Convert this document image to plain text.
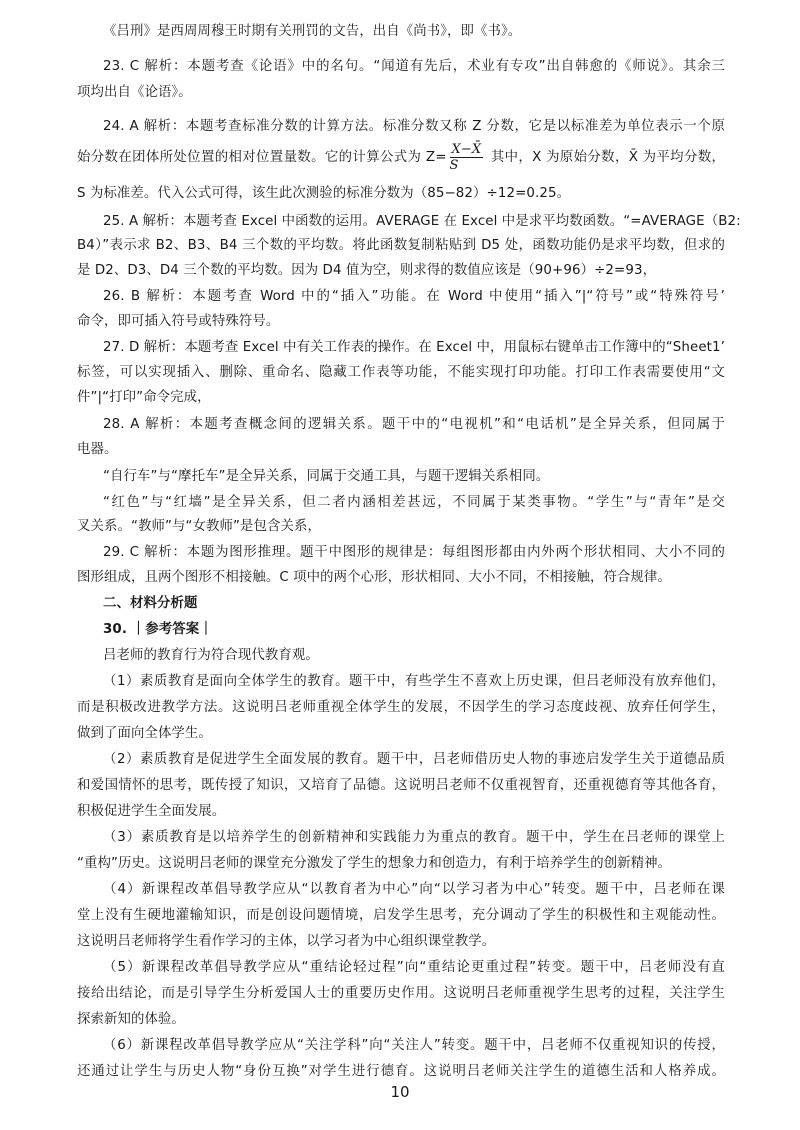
《吕刑》是西周周穆王时期有关刑罚的文告，出自《尚书》，即《书》。
23. C 解析：本题考查《论语》中的名句。“闻道有先后，术业有专攻”出自韩愈的《师说》。其余三
项均出自《论语》。
24. A 解析：本题考查标准分数的计算方法。标准分数又称 Z 分数，它是以标准差为单位表示一个原
始分数在团体所处位置的相对位置量数。它的计算公式为 $Z= \frac{X-X̄}{S}$ 其中，X 为原始分数，X̄ 为平均分数，
S 为标准差。代入公式可得，该生此次测验的标准分数为（85−82）÷12=0.25。
25. A 解析：本题考查 Excel 中函数的运用。AVERAGE 在 Excel 中是求平均数函数。“=AVERAGE（B2:
B4）”表示求 B2、B3、B4 三个数的平均数。将此函数复制粘贴到 D5 处，函数功能仍是求平均数，但求的
是 D2、D3、D4 三个数的平均数。因为 D4 值为空，则求得的数值应该是（90+96）÷2=93，
26. B 解析：本题考查 Word 中的“插入”功能。在 Word 中使用“插入”|“符号”或“特殊符号’
命令，即可插入符号或特殊符号。
27. D 解析：本题考查 Excel 中有关工作表的操作。在 Excel 中，用鼠标右键单击工作簿中的“Sheet1’
标签，可以实现插入、删除、重命名、隐藏工作表等功能，不能实现打印功能。打印工作表需要使用“文
件”|“打印”命令完成，
28. A 解析：本题考查概念间的逻辑关系。题干中的“电视机”和“电话机”是全异关系，但同属于
电器。
“自行车”与“摩托车”是全异关系，同属于交通工具，与题干逻辑关系相同。
“红色”与“红墙”是全异关系，但二者内涵相差甚远，不同属于某类事物。“学生”与“青年”是交
叉关系。“教师”与“女教师”是包含关系，
29. C 解析：本题为图形推理。题干中图形的规律是：每组图形都由内外两个形状相同、大小不同的
图形组成，且两个图形不相接触。C 项中的两个心形，形状相同、大小不同，不相接触，符合规律。
二、材料分析题
30. ｜参考答案｜
吕老师的教育行为符合现代教育观。
（1）素质教育是面向全体学生的教育。题干中，有些学生不喜欢上历史课，但吕老师没有放弃他们，
而是积极改进教学方法。这说明吕老师重视全体学生的发展，不因学生的学习态度歧视、放弃任何学生，
做到了面向全体学生。
（2）素质教育是促进学生全面发展的教育。题干中，吕老师借历史人物的事迹启发学生关于道德品质
和爱国情怀的思考，既传授了知识，又培育了品德。这说明吕老师不仅重视智育，还重视德育等其他各育，
积极促进学生全面发展。
（3）素质教育是以培养学生的创新精神和实践能力为重点的教育。题干中，学生在吕老师的课堂上
“重构”历史。这说明吕老师的课堂充分激发了学生的想象力和创造力，有利于培养学生的创新精神。
（4）新课程改革倡导教学应从“以教育者为中心”向“以学习者为中心”转变。题干中，吕老师在课
堂上没有生硬地灌输知识，而是创设问题情境，启发学生思考，充分调动了学生的积极性和主观能动性。
这说明吕老师将学生看作学习的主体，以学习者为中心组织课堂教学。
（5）新课程改革倡导教学应从“重结论轻过程”向“重结论更重过程”转变。题干中，吕老师没有直
接给出结论，而是引导学生分析爱国人士的重要历史作用。这说明吕老师重视学生思考的过程，关注学生
探索新知的体验。
（6）新课程改革倡导教学应从“关注学科”向“关注人”转变。题干中，吕老师不仅重视知识的传授，
还通过让学生与历史人物“身份互换”对学生进行德育。这说明吕老师关注学生的道德生活和人格养成。
10
